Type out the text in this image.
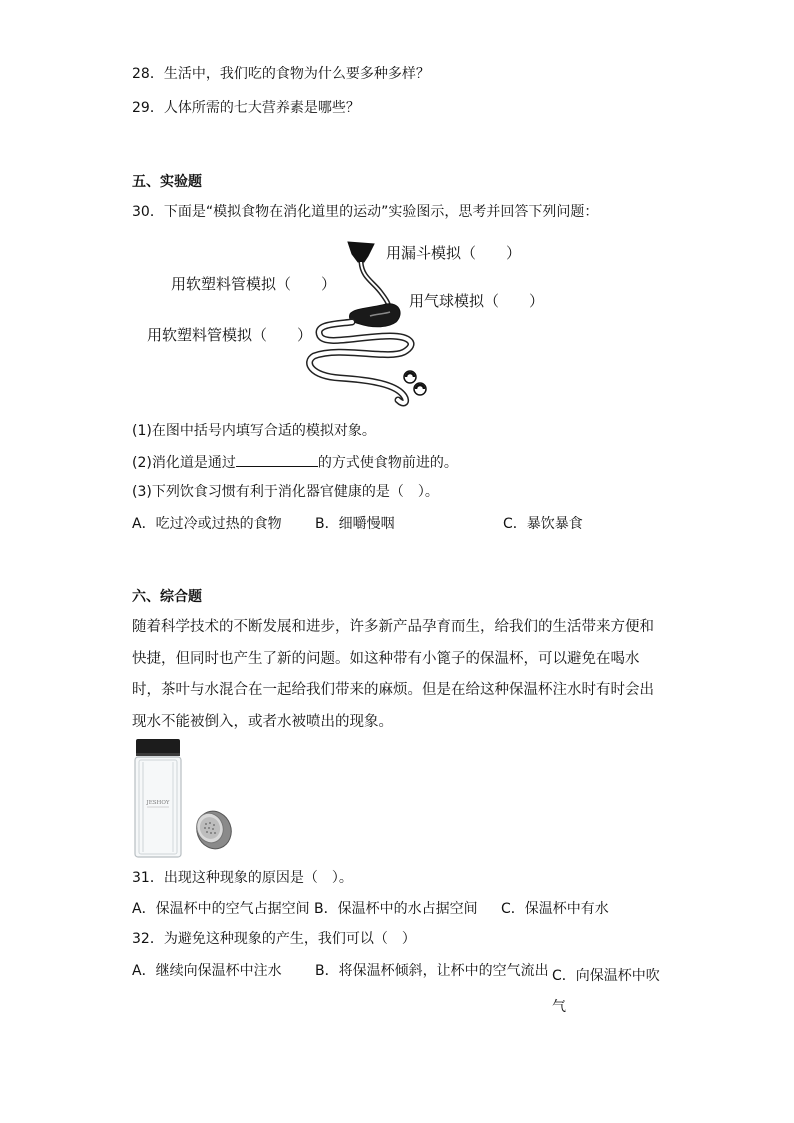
28．生活中，我们吃的食物为什么要多种多样？
29．人体所需的七大营养素是哪些？
五、实验题
30．下面是“模拟食物在消化道里的运动”实验图示，思考并回答下列问题：
用漏斗模拟（　　）
用软塑料管模拟（　　）
用气球模拟（　　）
用软塑料管模拟（　　）
(1)在图中括号内填写合适的模拟对象。
(2)消化道是通过	的方式使食物前进的。
(3)下列饮食习惯有利于消化器官健康的是（　）。
A．吃过冷或过热的食物 B．细嚼慢咽	C．暴饮暴食
六、综合题
随着科学技术的不断发展和进步，许多新产品孕育而生，给我们的生活带来方便和快捷，但同时也产生了新的问题。如这种带有小篦子的保温杯，可以避免在喝水时，茶叶与水混合在一起给我们带来的麻烦。但是在给这种保温杯注水时有时会出现水不能被倒入，或者水被喷出的现象。
JESHOY
31．出现这种现象的原因是（　）。
A．保温杯中的空气占据空间 B．保温杯中的水占据空间 C．保温杯中有水
32．为避免这种现象的产生，我们可以（　）
A．继续向保温杯中注水 B．将保温杯倾斜，让杯中的空气流出 C．向保温杯中吹气
